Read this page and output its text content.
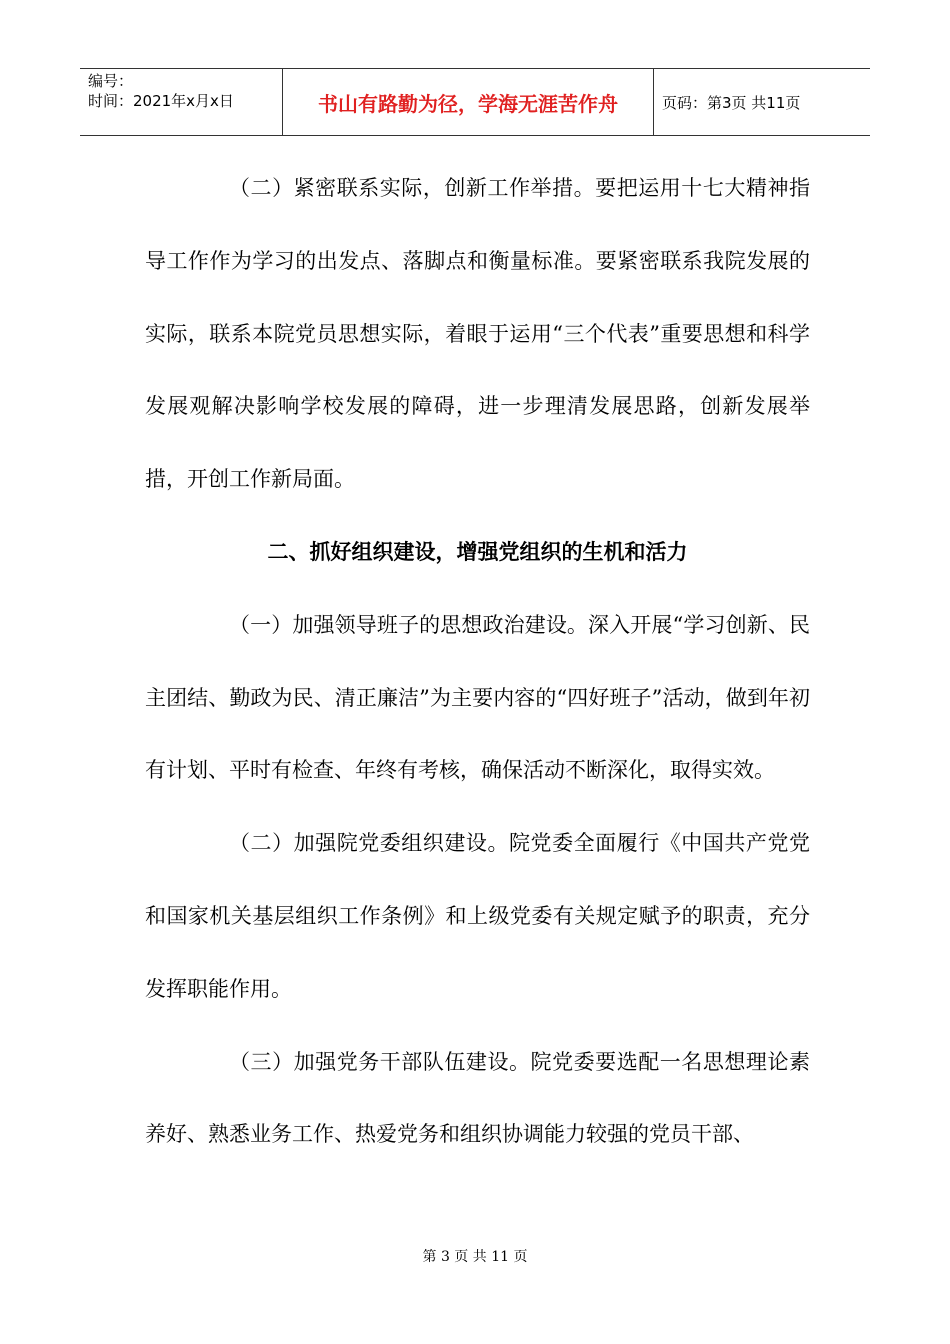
编号：
时间：2021年x月x日	书山有路勤为径，学海无涯苦作舟	页码：第3页 共11页

（二）紧密联系实际，创新工作举措。要把运用十七大精神指导工作作为学习的出发点、落脚点和衡量标准。要紧密联系我院发展的实际，联系本院党员思想实际，着眼于运用“三个代表”重要思想和科学发展观解决影响学校发展的障碍，进一步理清发展思路，创新发展举措，开创工作新局面。

二、抓好组织建设，增强党组织的生机和活力

（一）加强领导班子的思想政治建设。深入开展“学习创新、民主团结、勤政为民、清正廉洁”为主要内容的“四好班子”活动，做到年初有计划、平时有检查、年终有考核，确保活动不断深化，取得实效。

（二）加强院党委组织建设。院党委全面履行《中国共产党党和国家机关基层组织工作条例》和上级党委有关规定赋予的职责，充分发挥职能作用。

（三）加强党务干部队伍建设。院党委要选配一名思想理论素养好、熟悉业务工作、热爱党务和组织协调能力较强的党员干部、

第 3 页 共 11 页
